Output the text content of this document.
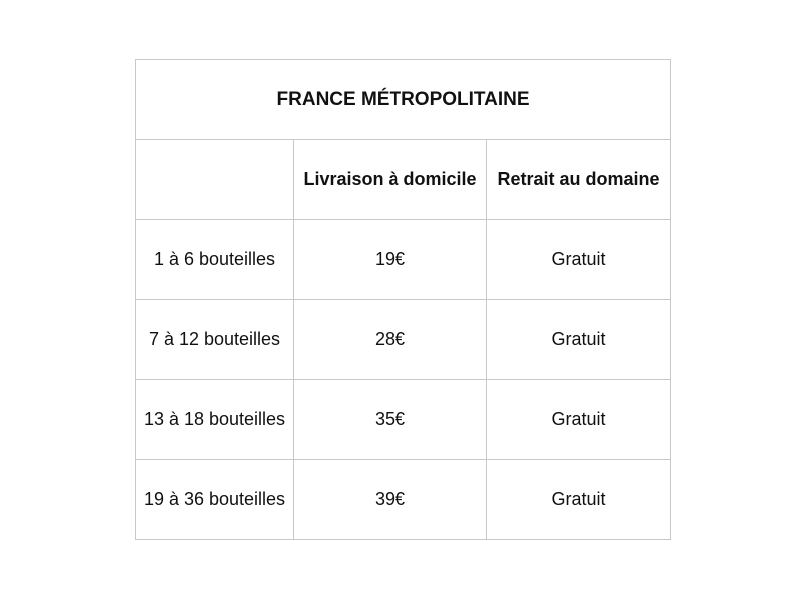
FRANCE MÉTROPOLITAINE		
	Livraison à domicile	Retrait au domaine
1 à 6 bouteilles	19€	Gratuit
7 à 12 bouteilles	28€	Gratuit
13 à 18 bouteilles	35€	Gratuit
19 à 36 bouteilles	39€	Gratuit
